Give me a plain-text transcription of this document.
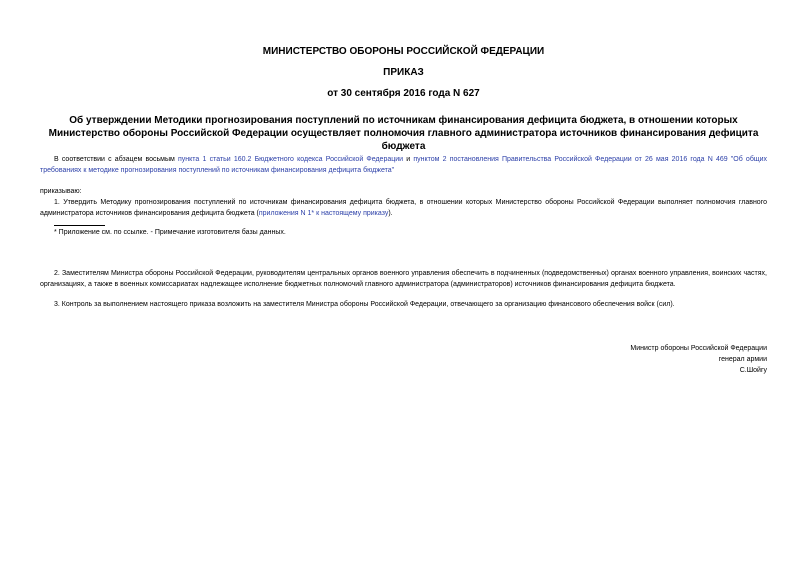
МИНИСТЕРСТВО ОБОРОНЫ РОССИЙСКОЙ ФЕДЕРАЦИИ
ПРИКАЗ
от 30 сентября 2016 года N 627
Об утверждении Методики прогнозирования поступлений по источникам финансирования дефицита бюджета, в отношении которых Министерство обороны Российской Федерации осуществляет полномочия главного администратора источников финансирования дефицита бюджета
В соответствии с абзацем восьмым пункта 1 статьи 160.2 Бюджетного кодекса Российской Федерации и пунктом 2 постановления Правительства Российской Федерации от 26 мая 2016 года N 469 "Об общих требованиях к методике прогнозирования поступлений по источникам финансирования дефицита бюджета"
приказываю:
1. Утвердить Методику прогнозирования поступлений по источникам финансирования дефицита бюджета, в отношении которых Министерство обороны Российской Федерации выполняет полномочия главного администратора источников финансирования дефицита бюджета (приложения N 1* к настоящему приказу).
* Приложение см. по ссылке. - Примечание изготовителя базы данных.
2. Заместителям Министра обороны Российской Федерации, руководителям центральных органов военного управления обеспечить в подчиненных (подведомственных) органах военного управления, воинских частях, организациях, а также в военных комиссариатах надлежащее исполнение бюджетных полномочий главного администратора (администраторов) источников финансирования дефицита бюджета.
3. Контроль за выполнением настоящего приказа возложить на заместителя Министра обороны Российской Федерации, отвечающего за организацию финансового обеспечения войск (сил).
Министр обороны Российской Федерации
генерал армии
С.Шойгу
